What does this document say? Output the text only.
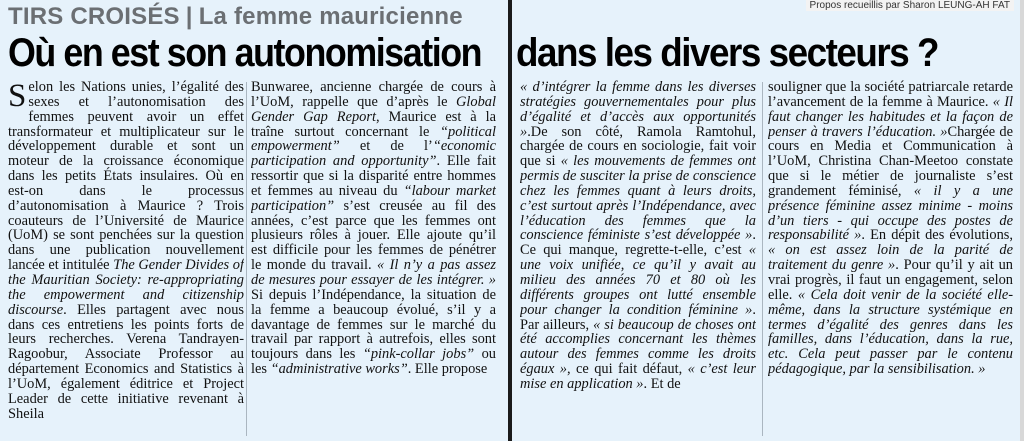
TIRS CROISÉS | La femme mauricienne	Propos recueillis par Sharon LEUNG-AH FAT
Où en est son autonomisation dans les divers secteurs ?

Selon les Nations unies, l’égalité des sexes et l’autonomisation des femmes peuvent avoir un effet transformateur et multiplicateur sur le développement durable et sont un moteur de la croissance économique dans les petits États insulaires. Où en est-on dans le processus d’autonomisation à Maurice ? Trois coauteurs de l’Université de Maurice (UoM) se sont penchées sur la question dans une publication nouvellement lancée et intitulée The Gender Divides of the Mauritian Society: re-appropriating the empowerment and citizenship discourse. Elles partagent avec nous dans ces entretiens les points forts de leurs recherches. Verena Tandrayen-Ragoobur, Associate Professor au département Economics and Statistics à l’UoM, également éditrice et Project Leader de cette initiative revenant à Sheila

Bunwaree, ancienne chargée de cours à l’UoM, rappelle que d’après le Global Gender Gap Report, Maurice est à la traîne surtout concernant le “political empowerment” et de l’“economic participation and opportunity”. Elle fait ressortir que si la disparité entre hommes et femmes au niveau du “labour market participation” s’est creusée au fil des années, c’est parce que les femmes ont plusieurs rôles à jouer. Elle ajoute qu’il est difficile pour les femmes de pénétrer le monde du travail. « Il n’y a pas assez de mesures pour essayer de les intégrer. » Si depuis l’Indépendance, la situation de la femme a beaucoup évolué, s’il y a davantage de femmes sur le marché du travail par rapport à autrefois, elles sont toujours dans les “pink-collar jobs” ou les “administrative works”. Elle propose

« d’intégrer la femme dans les diverses stratégies gouvernementales pour plus d’égalité et d’accès aux opportunités ».De son côté, Ramola Ramtohul, chargée de cours en sociologie, fait voir que si « les mouvements de femmes ont permis de susciter la prise de conscience chez les femmes quant à leurs droits, c’est surtout après l’Indépendance, avec l’éducation des femmes que la conscience féministe s’est développée ». Ce qui manque, regrette-t-elle, c’est « une voix unifiée, ce qu’il y avait au milieu des années 70 et 80 où les différents groupes ont lutté ensemble pour changer la condition féminine ». Par ailleurs, « si beaucoup de choses ont été accomplies concernant les thèmes autour des femmes comme les droits égaux », ce qui fait défaut, « c’est leur mise en application ». Et de

souligner que la société patriarcale retarde l’avancement de la femme à Maurice. « Il faut changer les habitudes et la façon de penser à travers l’éducation. »Chargée de cours en Media et Communication à l’UoM, Christina Chan-Meetoo constate que si le métier de journaliste s’est grandement féminisé, « il y a une présence féminine assez minime - moins d’un tiers - qui occupe des postes de responsabilité ». En dépit des évolutions, « on est assez loin de la parité de traitement du genre ». Pour qu’il y ait un vrai progrès, il faut un engagement, selon elle. « Cela doit venir de la société elle-même, dans la structure systémique en termes d’égalité des genres dans les familles, dans l’éducation, dans la rue, etc. Cela peut passer par le contenu pédagogique, par la sensibilisation. »
